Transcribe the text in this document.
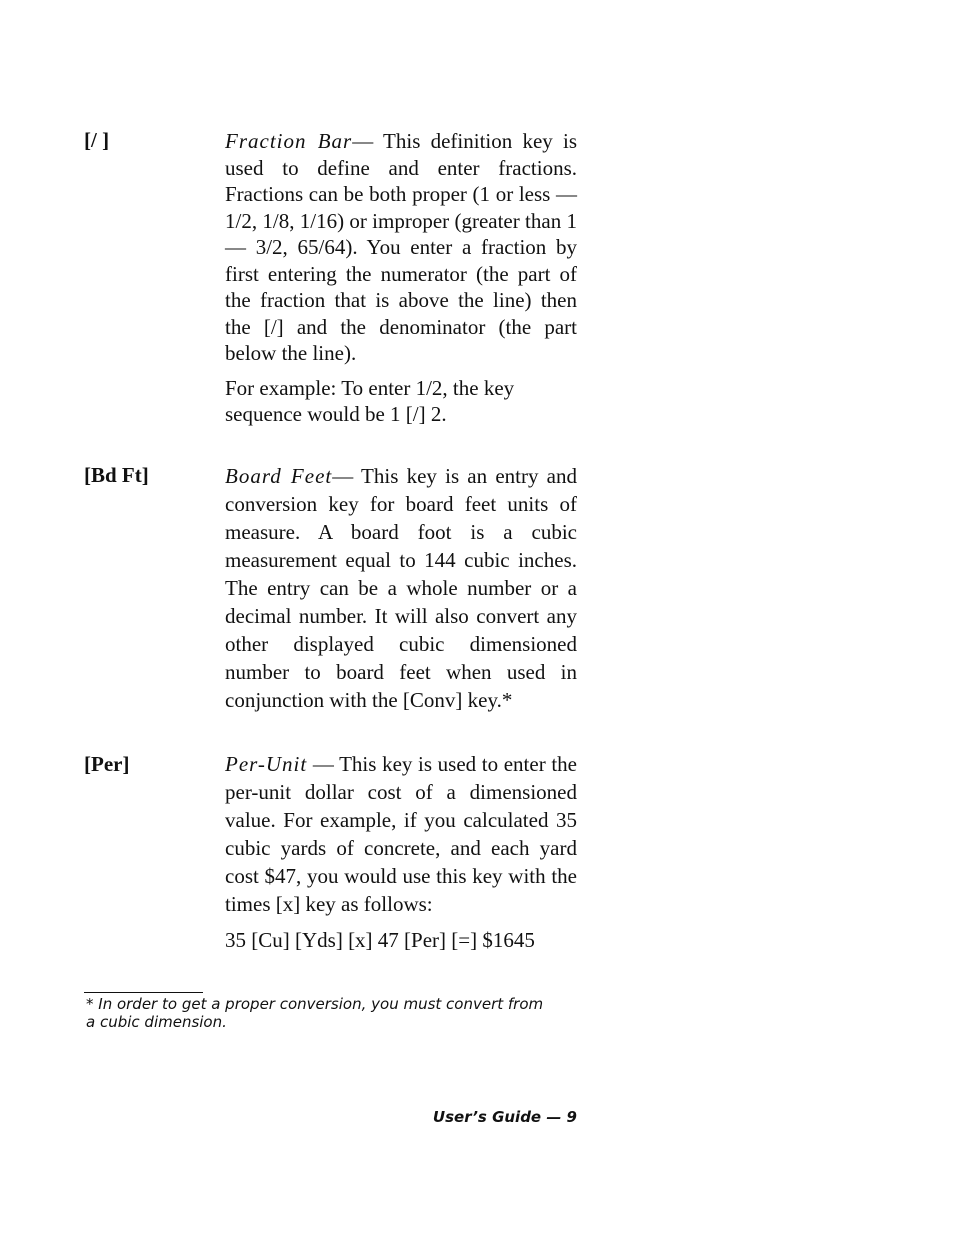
[/ ]	Fraction Bar— This definition key is used to define and enter fractions. Fractions can be both proper (1 or less — 1/2, 1/8, 1/16) or improper (greater than 1 — 3/2, 65/64). You enter a fraction by first entering the numerator (the part of the fraction that is above the line) then the [/] and the denominator (the part below the line).

For example: To enter 1/2, the key sequence would be 1 [/] 2.

[Bd Ft]	Board Feet— This key is an entry and conversion key for board feet units of measure. A board foot is a cubic measurement equal to 144 cubic inches. The entry can be a whole number or a decimal number. It will also convert any other displayed cubic dimensioned number to board feet when used in conjunction with the [Conv] key.*

[Per]	Per-Unit — This key is used to enter the per-unit dollar cost of a dimensioned value. For example, if you calculated 35 cubic yards of concrete, and each yard cost $47, you would use this key with the times [x] key as follows:

35 [Cu] [Yds] [x] 47 [Per] [=] $1645

* In order to get a proper conversion, you must convert from a cubic dimension.
User’s Guide — 9
